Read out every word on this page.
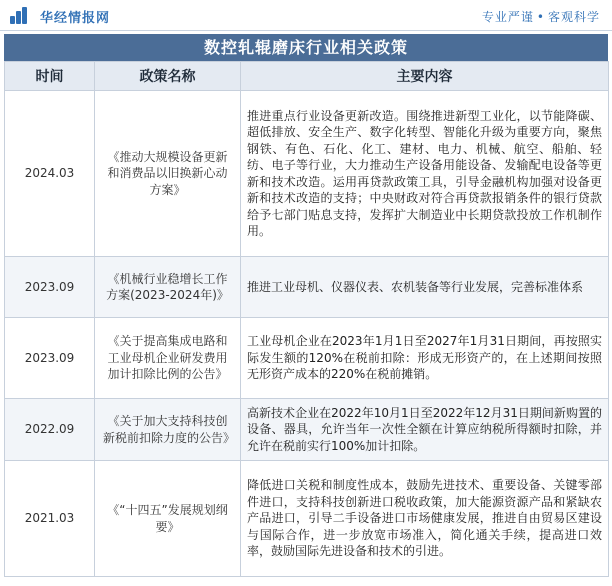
华经情报网	专业严谨 • 客观科学
数控轧辊磨床行业相关政策
时间	政策名称	主要内容
2024.03	《推动大规模设备更新和消费品以旧换新心动方案》	推进重点行业设备更新改造。围绕推进新型工业化，以节能降碳、超低排放、安全生产、数字化转型、智能化升级为重要方向，聚焦钢铁、有色、石化、化工、建材、电力、机械、航空、船舶、轻纺、电子等行业，大力推动生产设备用能设备、发输配电设备等更新和技术改造。运用再贷款政策工具，引导金融机构加强对设备更新和技术改造的支持；中央财政对符合再贷款报销条件的银行贷款给予七部门贴息支持，发挥扩大制造业中长期贷款投放工作机制作用。
2023.09	《机械行业稳增长工作方案(2023-2024年)》	推进工业母机、仪器仪表、农机装备等行业发展，完善标准体系
2023.09	《关于提高集成电路和工业母机企业研发费用加计扣除比例的公告》	工业母机企业在2023年1月1日至2027年1月31日期间，再按照实际发生额的120%在税前扣除：形成无形资产的，在上述期间按照无形资产成本的220%在税前摊销。
2022.09	《关于加大支持科技创新税前扣除力度的公告》	高新技术企业在2022年10月1日至2022年12月31日期间新购置的设备、器具，允许当年一次性全额在计算应纳税所得额时扣除，并允许在税前实行100%加计扣除。
2021.03	《“十四五”发展规划纲要》	降低进口关税和制度性成本，鼓励先进技术、重要设备、关键零部件进口，支持科技创新进口税收政策，加大能源资源产品和紧缺农产品进口，引导二手设备进口市场健康发展，推进自由贸易区建设与国际合作，进一步放宽市场准入，简化通关手续，提高进口效率，鼓励国际先进设备和技术的引进。
